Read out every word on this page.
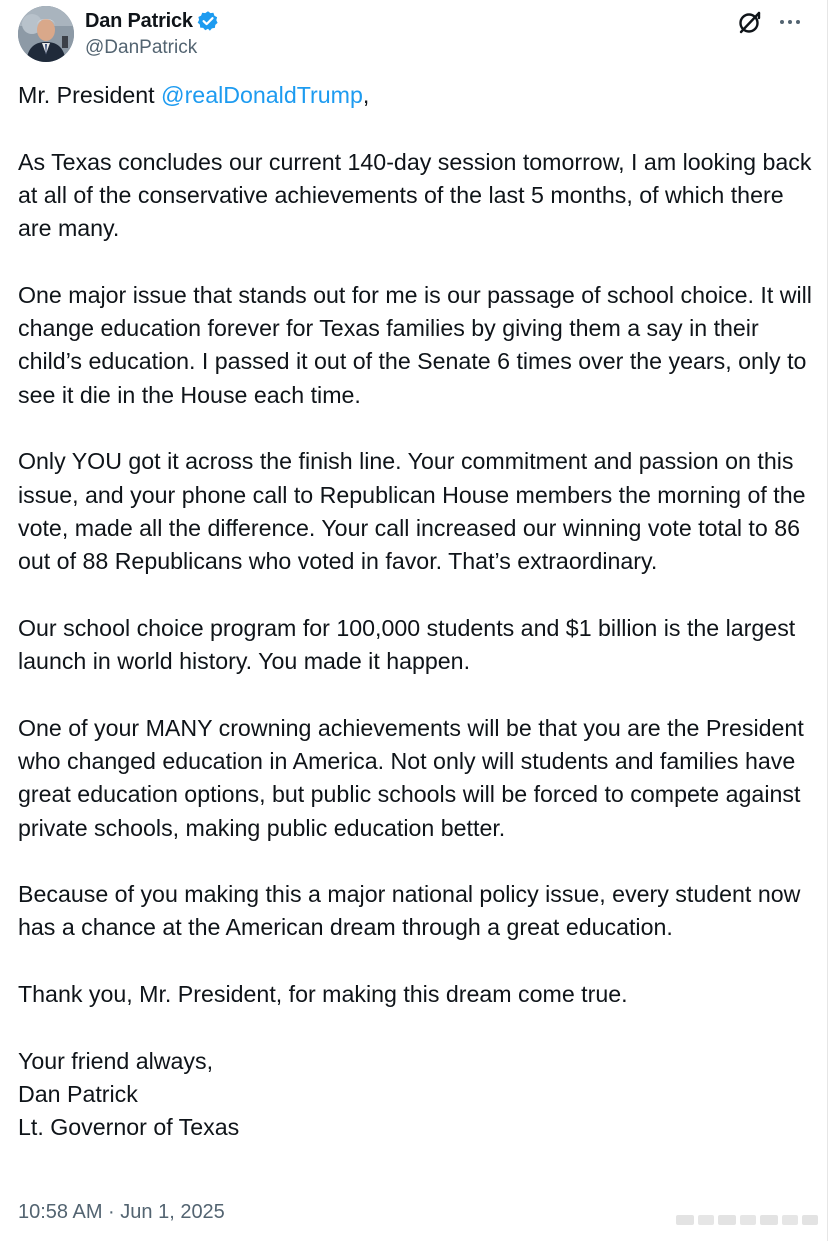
Dan Patrick
@DanPatrick

Mr. President @realDonaldTrump,

As Texas concludes our current 140-day session tomorrow, I am looking back at all of the conservative achievements of the last 5 months, of which there are many.

One major issue that stands out for me is our passage of school choice. It will change education forever for Texas families by giving them a say in their child’s education. I passed it out of the Senate 6 times over the years, only to see it die in the House each time.

Only YOU got it across the finish line. Your commitment and passion on this issue, and your phone call to Republican House members the morning of the vote, made all the difference. Your call increased our winning vote total to 86 out of 88 Republicans who voted in favor. That’s extraordinary.

Our school choice program for 100,000 students and $1 billion is the largest launch in world history. You made it happen.

One of your MANY crowning achievements will be that you are the President who changed education in America. Not only will students and families have great education options, but public schools will be forced to compete against private schools, making public education better.

Because of you making this a major national policy issue, every student now has a chance at the American dream through a great education.

Thank you, Mr. President, for making this dream come true.

Your friend always,
Dan Patrick
Lt. Governor of Texas
10:58 AM · Jun 1, 2025
